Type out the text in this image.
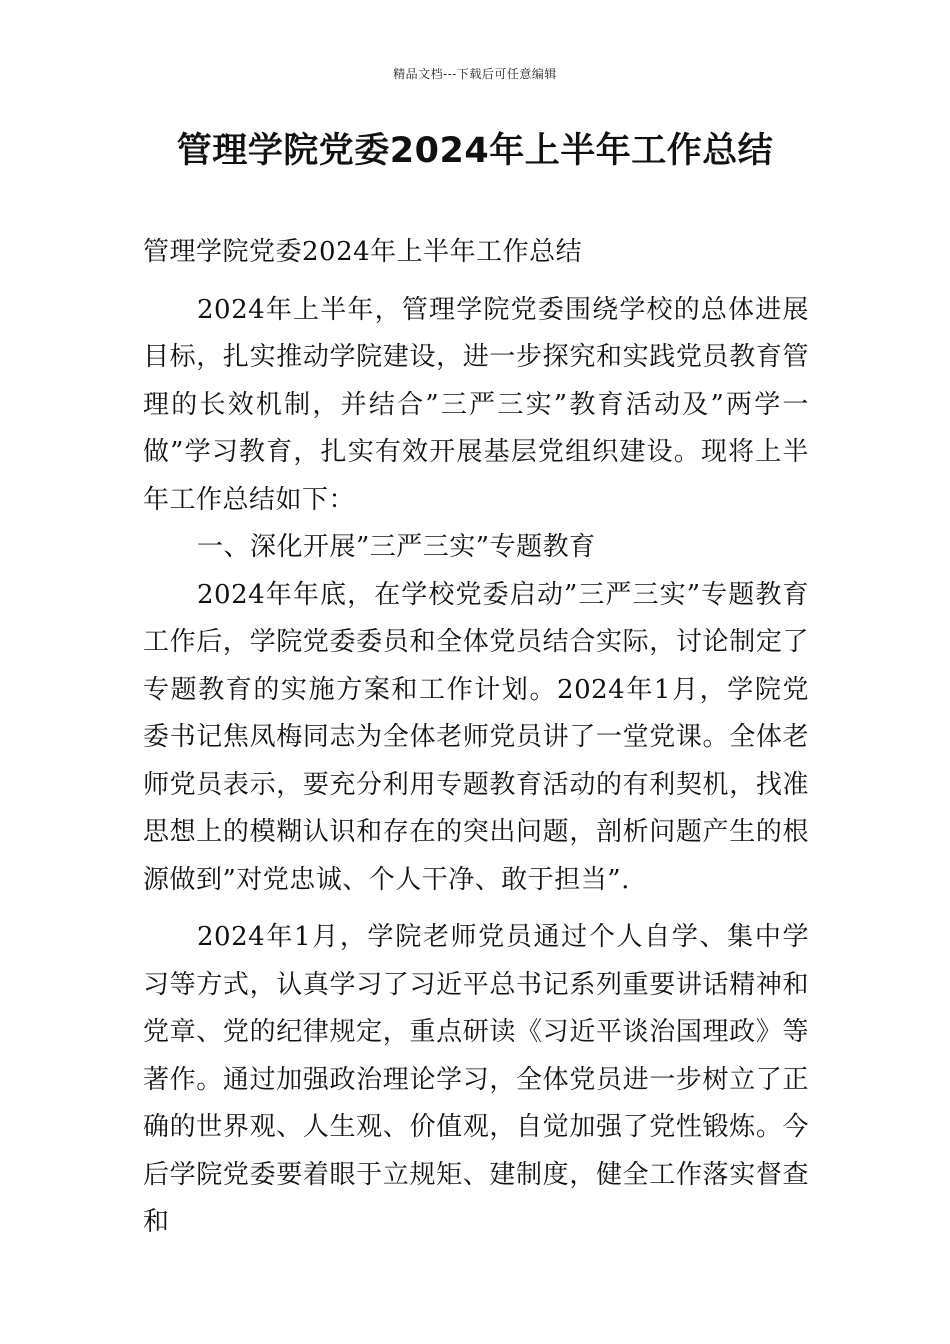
精品文档---下载后可任意编辑
管理学院党委2024年上半年工作总结

管理学院党委2024年上半年工作总结

2024年上半年，管理学院党委围绕学校的总体进展目标，扎实推动学院建设，进一步探究和实践党员教育管理的长效机制，并结合”三严三实”教育活动及”两学一做”学习教育，扎实有效开展基层党组织建设。现将上半年工作总结如下：

一、深化开展”三严三实”专题教育

2024年年底，在学校党委启动”三严三实”专题教育工作后，学院党委委员和全体党员结合实际，讨论制定了专题教育的实施方案和工作计划。2024年1月，学院党委书记焦凤梅同志为全体老师党员讲了一堂党课。全体老师党员表示，要充分利用专题教育活动的有利契机，找准思想上的模糊认识和存在的突出问题，剖析问题产生的根源做到”对党忠诚、个人干净、敢于担当”.

2024年1月，学院老师党员通过个人自学、集中学习等方式，认真学习了习近平总书记系列重要讲话精神和党章、党的纪律规定，重点研读《习近平谈治国理政》等著作。通过加强政治理论学习，全体党员进一步树立了正确的世界观、人生观、价值观，自觉加强了党性锻炼。今后学院党委要着眼于立规矩、建制度，健全工作落实督查和
